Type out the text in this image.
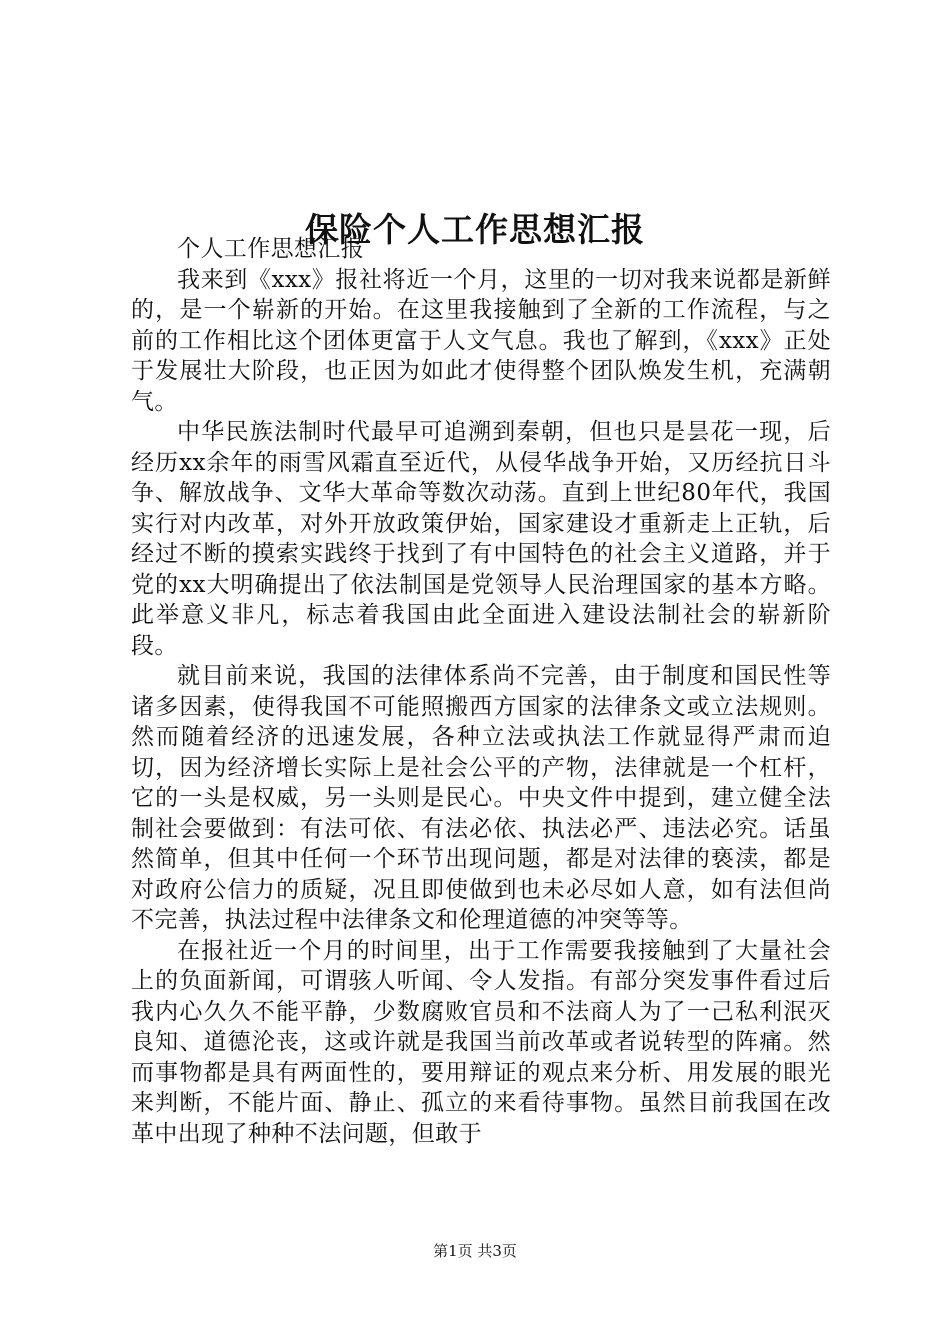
保险个人工作思想汇报

个人工作思想汇报

我来到《xxx》报社将近一个月，这里的一切对我来说都是新鲜的，是一个崭新的开始。在这里我接触到了全新的工作流程，与之前的工作相比这个团体更富于人文气息。我也了解到，《xxx》正处于发展壮大阶段，也正因为如此才使得整个团队焕发生机，充满朝气。

中华民族法制时代最早可追溯到秦朝，但也只是昙花一现，后经历xx余年的雨雪风霜直至近代，从侵华战争开始，又历经抗日斗争、解放战争、文华大革命等数次动荡。直到上世纪80年代，我国实行对内改革，对外开放政策伊始，国家建设才重新走上正轨，后经过不断的摸索实践终于找到了有中国特色的社会主义道路，并于党的xx大明确提出了依法制国是党领导人民治理国家的基本方略。此举意义非凡，标志着我国由此全面进入建设法制社会的崭新阶段。

就目前来说，我国的法律体系尚不完善，由于制度和国民性等诸多因素，使得我国不可能照搬西方国家的法律条文或立法规则。然而随着经济的迅速发展，各种立法或执法工作就显得严肃而迫切，因为经济增长实际上是社会公平的产物，法律就是一个杠杆，它的一头是权威，另一头则是民心。中央文件中提到，建立健全法制社会要做到：有法可依、有法必依、执法必严、违法必究。话虽然简单，但其中任何一个环节出现问题，都是对法律的亵渎，都是对政府公信力的质疑，况且即使做到也未必尽如人意，如有法但尚不完善，执法过程中法律条文和伦理道德的冲突等等。

在报社近一个月的时间里，出于工作需要我接触到了大量社会上的负面新闻，可谓骇人听闻、令人发指。有部分突发事件看过后我内心久久不能平静，少数腐败官员和不法商人为了一己私利泯灭良知、道德沦丧，这或许就是我国当前改革或者说转型的阵痛。然而事物都是具有两面性的，要用辩证的观点来分析、用发展的眼光来判断，不能片面、静止、孤立的来看待事物。虽然目前我国在改革中出现了种种不法问题，但敢于

第1页 共3页
